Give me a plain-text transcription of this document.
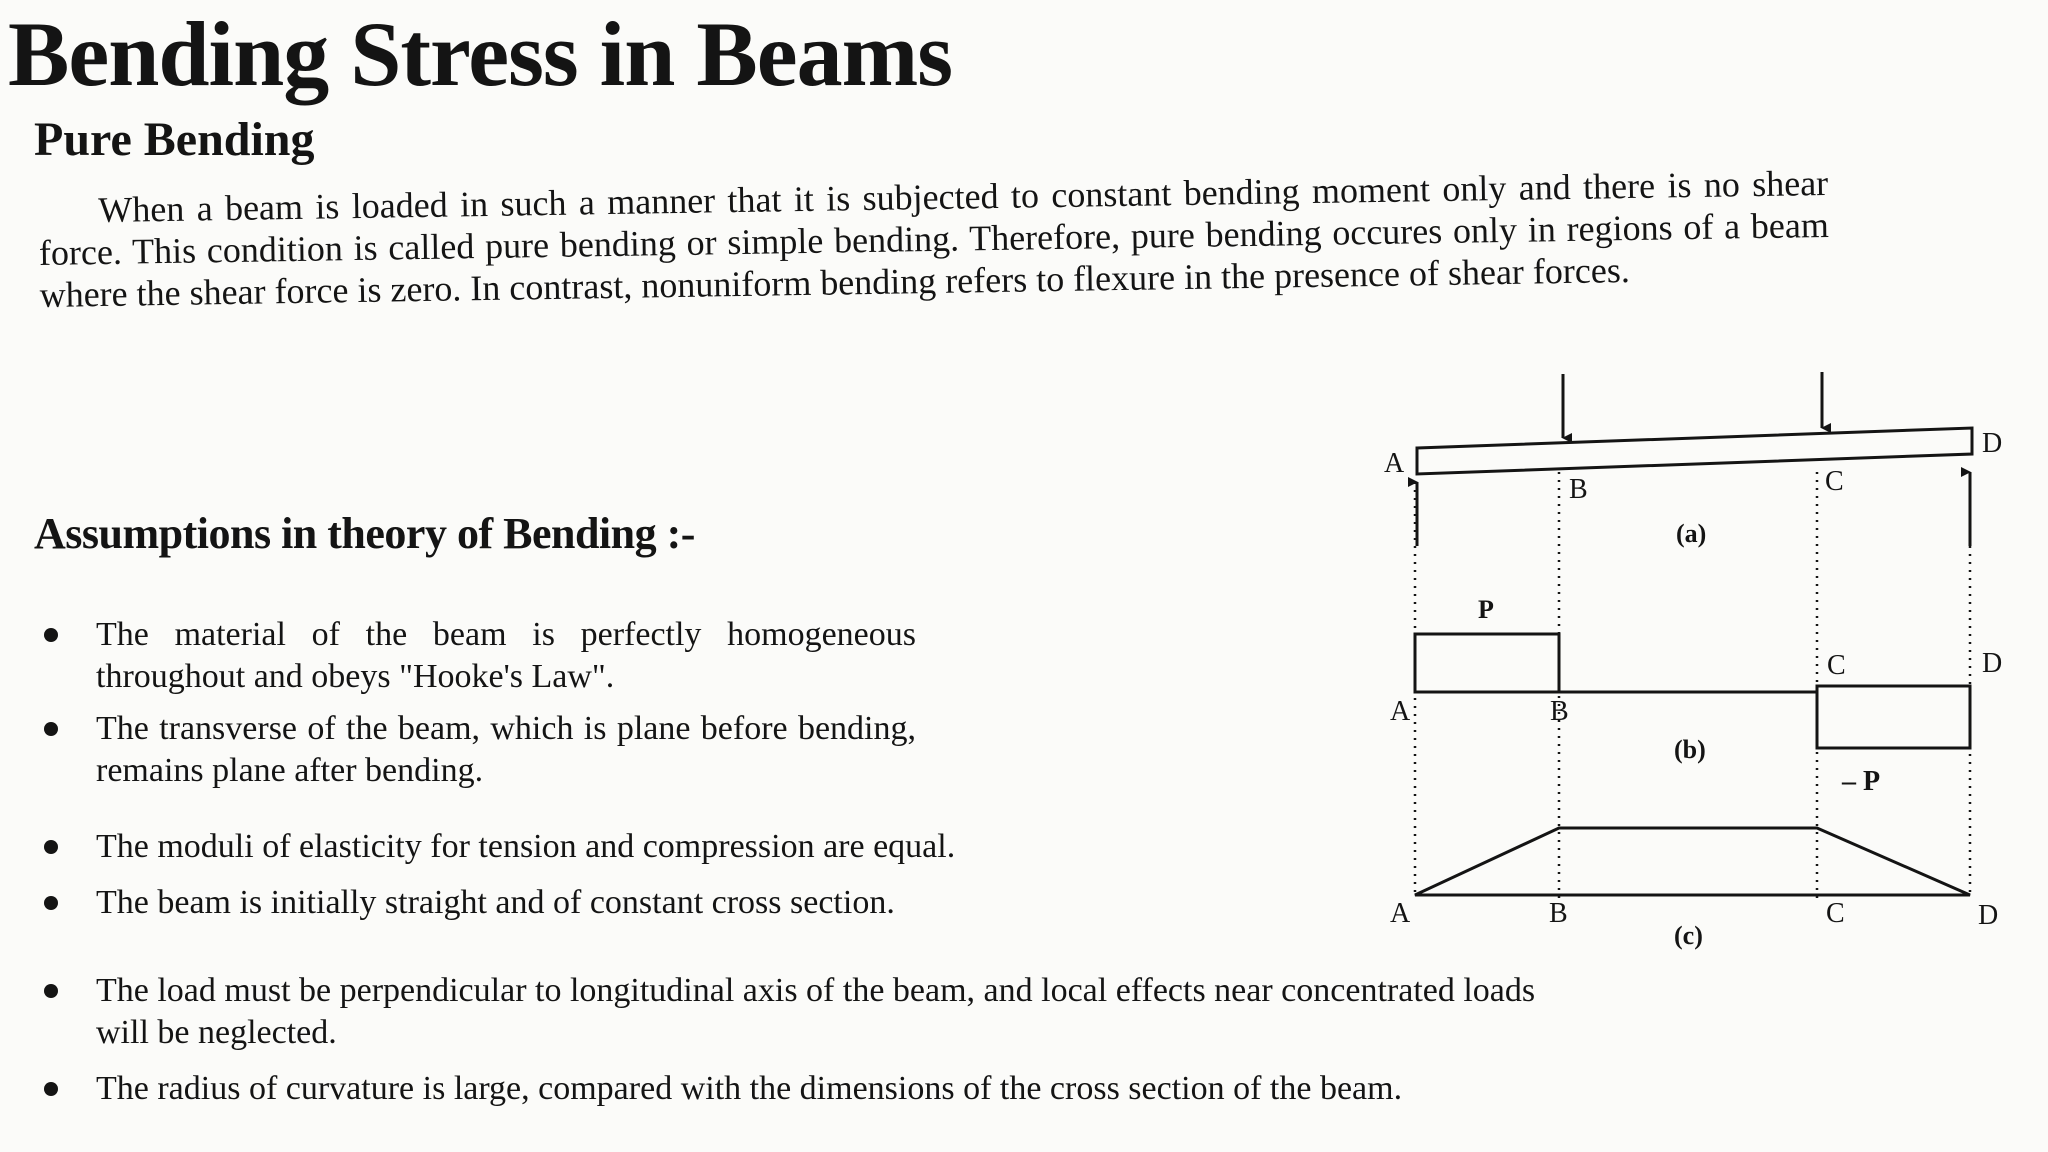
Bending Stress in Beams
Pure Bending

When a beam is loaded in such a manner that it is subjected to constant bending moment only and there is no shear force. This condition is called pure bending or simple bending. Therefore, pure bending occures only in regions of a beam where the shear force is zero. In contrast, nonuniform bending refers to flexure in the presence of shear forces.

Assumptions in theory of Bending :-
The material of the beam is perfectly homogeneous throughout and obeys "Hooke's Law".
The transverse of the beam, which is plane before bending, remains plane after bending.
The moduli of elasticity for tension and compression are equal.
The beam is initially straight and of constant cross section.
The load must be perpendicular to longitudinal axis of the beam, and local effects near concentrated loads will be neglected.
The radius of curvature is large, compared with the dimensions of the cross section of the beam.
A
B	C
D
(a)
P
– P
A	B
C	D
(b)
A	B	C	D
(c)
